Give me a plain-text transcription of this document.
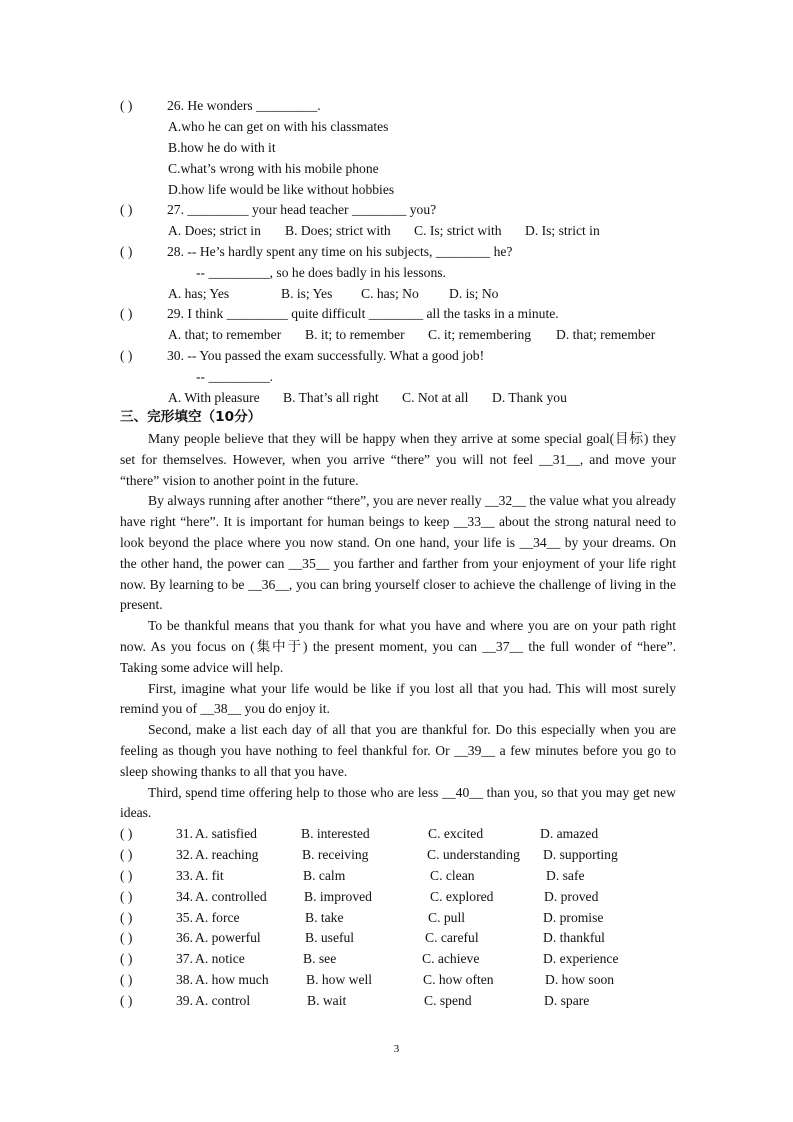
( )	26. He wonders _________.
A.who he can get on with his classmates
B.how he do with it
C.what’s wrong with his mobile phone
D.how life would be like without hobbies
( )	27. _________ your head teacher ________ you?
A. Does; strict in B. Does; strict with C. Is; strict with D. Is; strict in
( )	28. -- He’s hardly spent any time on his subjects, ________ he?
-- _________, so he does badly in his lessons.
A. has; Yes	B. is; Yes C. has; No D. is; No
( )	29. I think _________ quite difficult ________ all the tasks in a minute.
A. that; to remember B. it; to remember C. it; remembering D. that; remember
( )	30. -- You passed the exam successfully. What a good job!
-- _________.
A. With pleasure B. That’s all right C. Not at all D. Thank you
三、完形填空（10分）

Many people believe that they will be happy when they arrive at some special goal(目标) they set for themselves. However, when you arrive “there” you will not feel __31__, and move your “there” vision to another point in the future.

By always running after another “there”, you are never really __32__ the value what you already have right “here”. It is important for human beings to keep __33__ about the strong natural need to look beyond the place where you now stand. On one hand, your life is __34__ by your dreams. On the other hand, the power can __35__ you farther and farther from your enjoyment of your life right now. By learning to be __36__, you can bring yourself closer to achieve the challenge of living in the present.

To be thankful means that you thank for what you have and where you are on your path right now. As you focus on (集中于) the present moment, you can __37__ the full wonder of “here”. Taking some advice will help.

First, imagine what your life would be like if you lost all that you had. This will most surely remind you of __38__ you do enjoy it.

Second, make a list each day of all that you are thankful for. Do this especially when you are feeling as though you have nothing to feel thankful for. Or __39__ a few minutes before you go to sleep showing thanks to all that you have.

Third, spend time offering help to those who are less __40__ than you, so that you may get new ideas.

( )	31. A. satisfied	B. interested	C. excited	D. amazed
( )	32. A. reaching	B. receiving	C. understanding D. supporting
( )	33. A. fit	B. calm	C. clean	D. safe
( )	34. A. controlled	B. improved	C. explored	D. proved
( )	35. A. force	B. take	C. pull	D. promise
( )	36. A. powerful	B. useful	C. careful	D. thankful
( )	37. A. notice	B. see	C. achieve	D. experience
( )	38. A. how much	B. how well	C. how often	D. how soon
( )	39. A. control	B. wait	C. spend	D. spare
3
